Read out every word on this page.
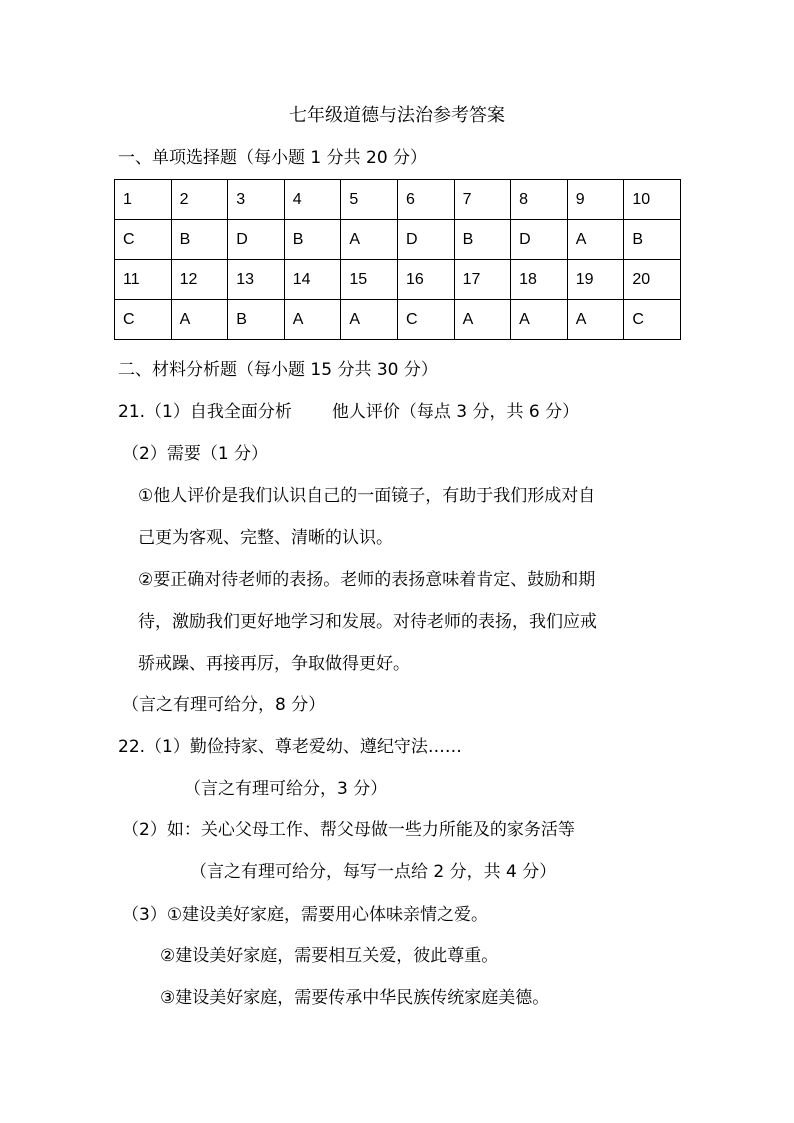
七年级道德与法治参考答案
一、单项选择题（每小题 1 分共 20 分）
1	2	3	4	5	6	7	8	9	10
C	B	D	B	A	D	B	D	A	B
11	12	13	14	15	16	17	18	19	20
C	A	B	A	A	C	A	A	A	C
二、材料分析题（每小题 15 分共 30 分）
21.（1）自我全面分析 他人评价（每点 3 分，共 6 分）
（2）需要（1 分）
①他人评价是我们认识自己的一面镜子，有助于我们形成对自
己更为客观、完整、清晰的认识。
②要正确对待老师的表扬。老师的表扬意味着肯定、鼓励和期
待，激励我们更好地学习和发展。对待老师的表扬，我们应戒
骄戒躁、再接再厉，争取做得更好。
（言之有理可给分，8 分）
22.（1）勤俭持家、尊老爱幼、遵纪守法……
（言之有理可给分，3 分）
（2）如：关心父母工作、帮父母做一些力所能及的家务活等
（言之有理可给分，每写一点给 2 分，共 4 分）
（3）①建设美好家庭，需要用心体味亲情之爱。
②建设美好家庭，需要相互关爱，彼此尊重。
③建设美好家庭，需要传承中华民族传统家庭美德。
